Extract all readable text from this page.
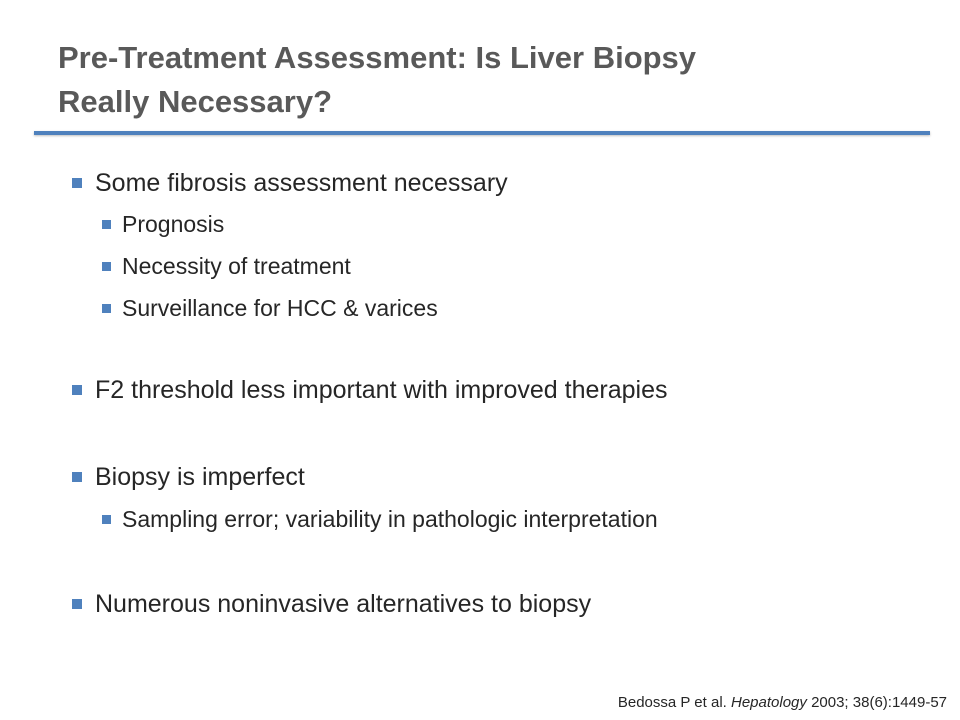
Pre-Treatment Assessment: Is Liver Biopsy
Really Necessary?
Some fibrosis assessment necessary
Prognosis
Necessity of treatment
Surveillance for HCC & varices
F2 threshold less important with improved therapies
Biopsy is imperfect
Sampling error; variability in pathologic interpretation
Numerous noninvasive alternatives to biopsy
Bedossa P et al. Hepatology 2003; 38(6):1449-57
